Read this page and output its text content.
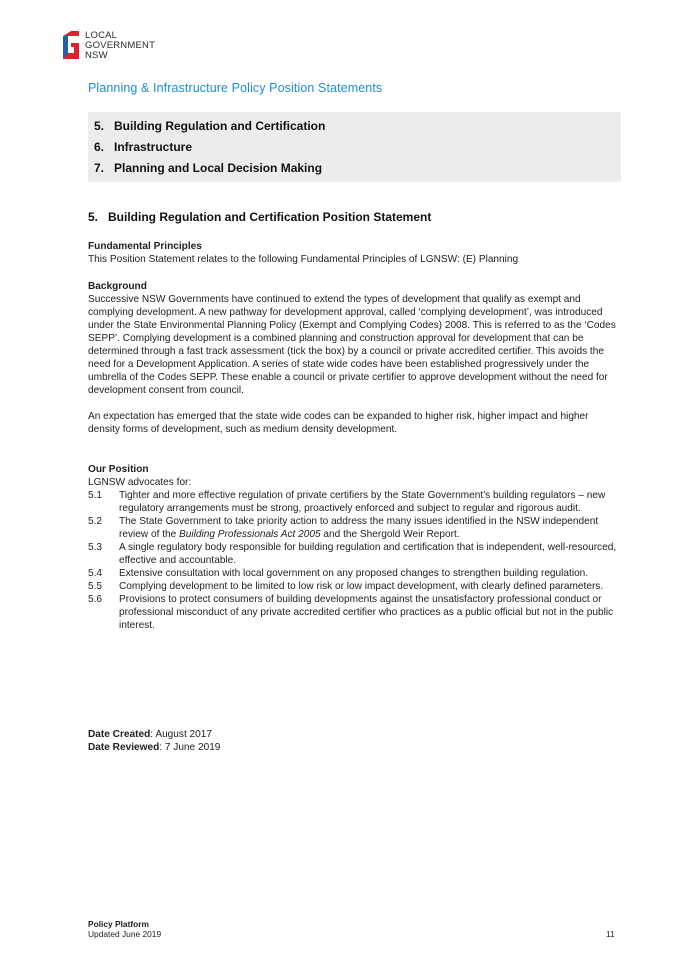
LOCAL
GOVERNMENT
NSW
Planning & Infrastructure Policy Position Statements
5. Building Regulation and Certification
6. Infrastructure
7. Planning and Local Decision Making
5. Building Regulation and Certification Position Statement
Fundamental Principles

This Position Statement relates to the following Fundamental Principles of LGNSW: (E) Planning

Background

Successive NSW Governments have continued to extend the types of development that qualify as exempt and complying development. A new pathway for development approval, called ‘complying development’, was introduced under the State Environmental Planning Policy (Exempt and Complying Codes) 2008. This is referred to as the ‘Codes SEPP’. Complying development is a combined planning and construction approval for development that can be determined through a fast track assessment (tick the box) by a council or private accredited certifier. This avoids the need for a Development Application. A series of state wide codes have been established progressively under the umbrella of the Codes SEPP. These enable a council or private certifier to approve development without the need for development consent from council.

An expectation has emerged that the state wide codes can be expanded to higher risk, higher impact and higher density forms of development, such as medium density development.

Our Position
LGNSW advocates for:
5.1	Tighter and more effective regulation of private certifiers by the State Government’s building regulators – new regulatory arrangements must be strong, proactively enforced and subject to regular and rigorous audit.
5.2	The State Government to take priority action to address the many issues identified in the NSW independent review of the Building Professionals Act 2005 and the Shergold Weir Report.
5.3	A single regulatory body responsible for building regulation and certification that is independent, well-resourced, effective and accountable.
5.4	Extensive consultation with local government on any proposed changes to strengthen building regulation.
5.5	Complying development to be limited to low risk or low impact development, with clearly defined parameters.
5.6	Provisions to protect consumers of building developments against the unsatisfactory professional conduct or professional misconduct of any private accredited certifier who practices as a public official but not in the public interest.
Date Created: August 2017
Date Reviewed: 7 June 2019
Policy Platform
Updated June 2019	11
